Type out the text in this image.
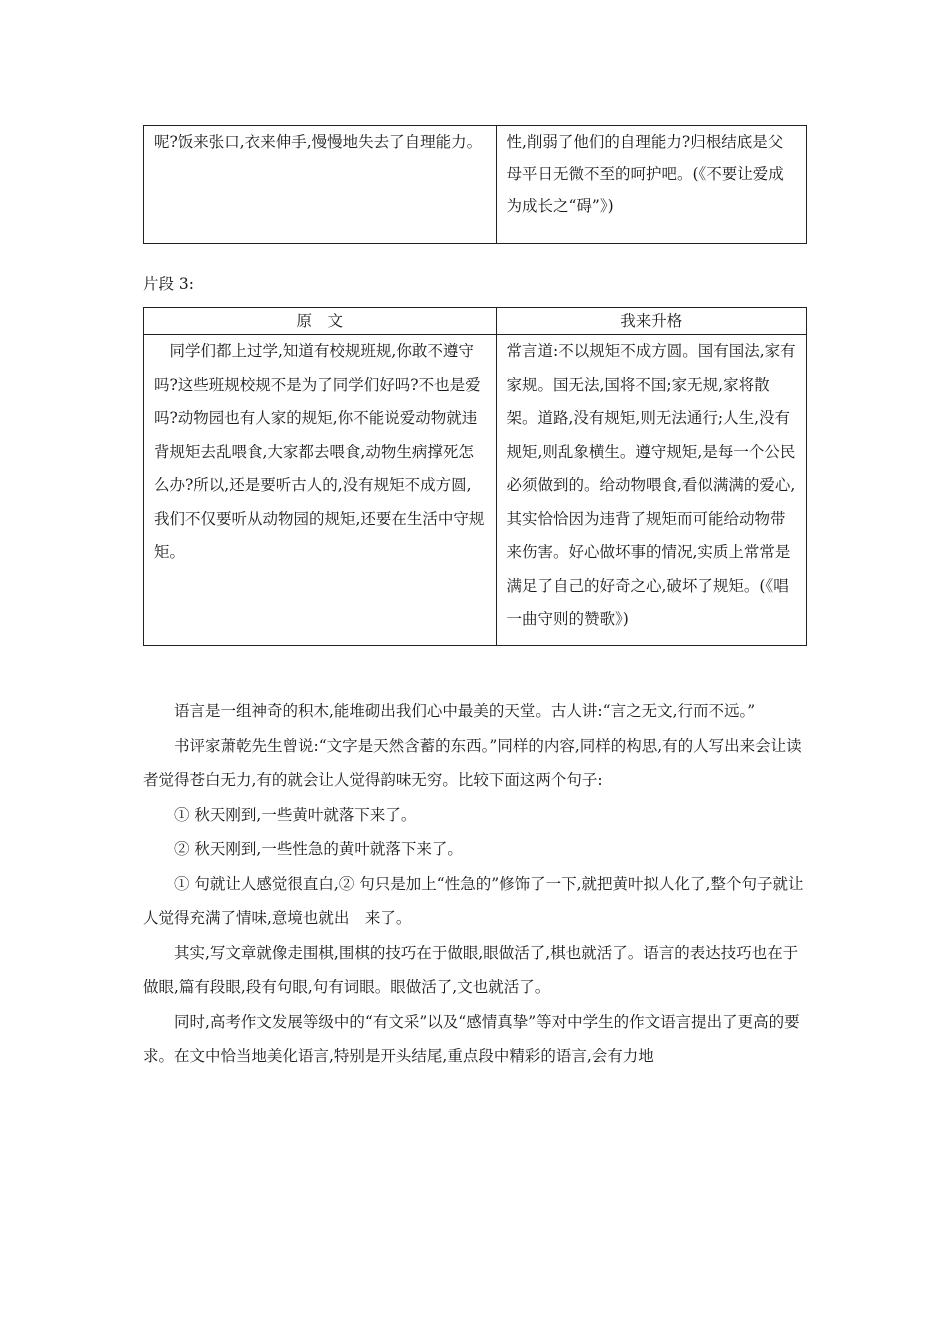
呢?饭来张口,衣来伸手,慢慢地失去了自理能力。	性,削弱了他们的自理能力?归根结底是父母平日无微不至的呵护吧。(《不要让爱成为成长之“碍”》)
片段 3:
原　文	我来升格

同学们都上过学,知道有校规班规,你敢不遵守吗?这些班规校规不是为了同学们好吗?不也是爱吗?动物园也有人家的规矩,你不能说爱动物就违背规矩去乱喂食,大家都去喂食,动物生病撑死怎么办?所以,还是要听古人的,没有规矩不成方圆,我们不仅要听从动物园的规矩,还要在生活中守规矩。	常言道:不以规矩不成方圆。国有国法,家有家规。国无法,国将不国;家无规,家将散架。道路,没有规矩,则无法通行;人生,没有规矩,则乱象横生。遵守规矩,是每一个公民必须做到的。给动物喂食,看似满满的爱心,其实恰恰因为违背了规矩而可能给动物带来伤害。好心做坏事的情况,实质上常常是满足了自己的好奇之心,破坏了规矩。(《唱一曲守则的赞歌》)

语言是一组神奇的积木,能堆砌出我们心中最美的天堂。古人讲:“言之无文,行而不远。”

书评家萧乾先生曾说:“文字是天然含蓄的东西。”同样的内容,同样的构思,有的人写出来会让读者觉得苍白无力,有的就会让人觉得韵味无穷。比较下面这两个句子:

① 秋天刚到,一些黄叶就落下来了。

② 秋天刚到,一些性急的黄叶就落下来了。

① 句就让人感觉很直白,② 句只是加上“性急的”修饰了一下,就把黄叶拟人化了,整个句子就让人觉得充满了情味,意境也就出　来了。

其实,写文章就像走围棋,围棋的技巧在于做眼,眼做活了,棋也就活了。语言的表达技巧也在于做眼,篇有段眼,段有句眼,句有词眼。眼做活了,文也就活了。

同时,高考作文发展等级中的“有文采”以及“感情真挚”等对中学生的作文语言提出了更高的要求。在文中恰当地美化语言,特别是开头结尾,重点段中精彩的语言,会有力地
